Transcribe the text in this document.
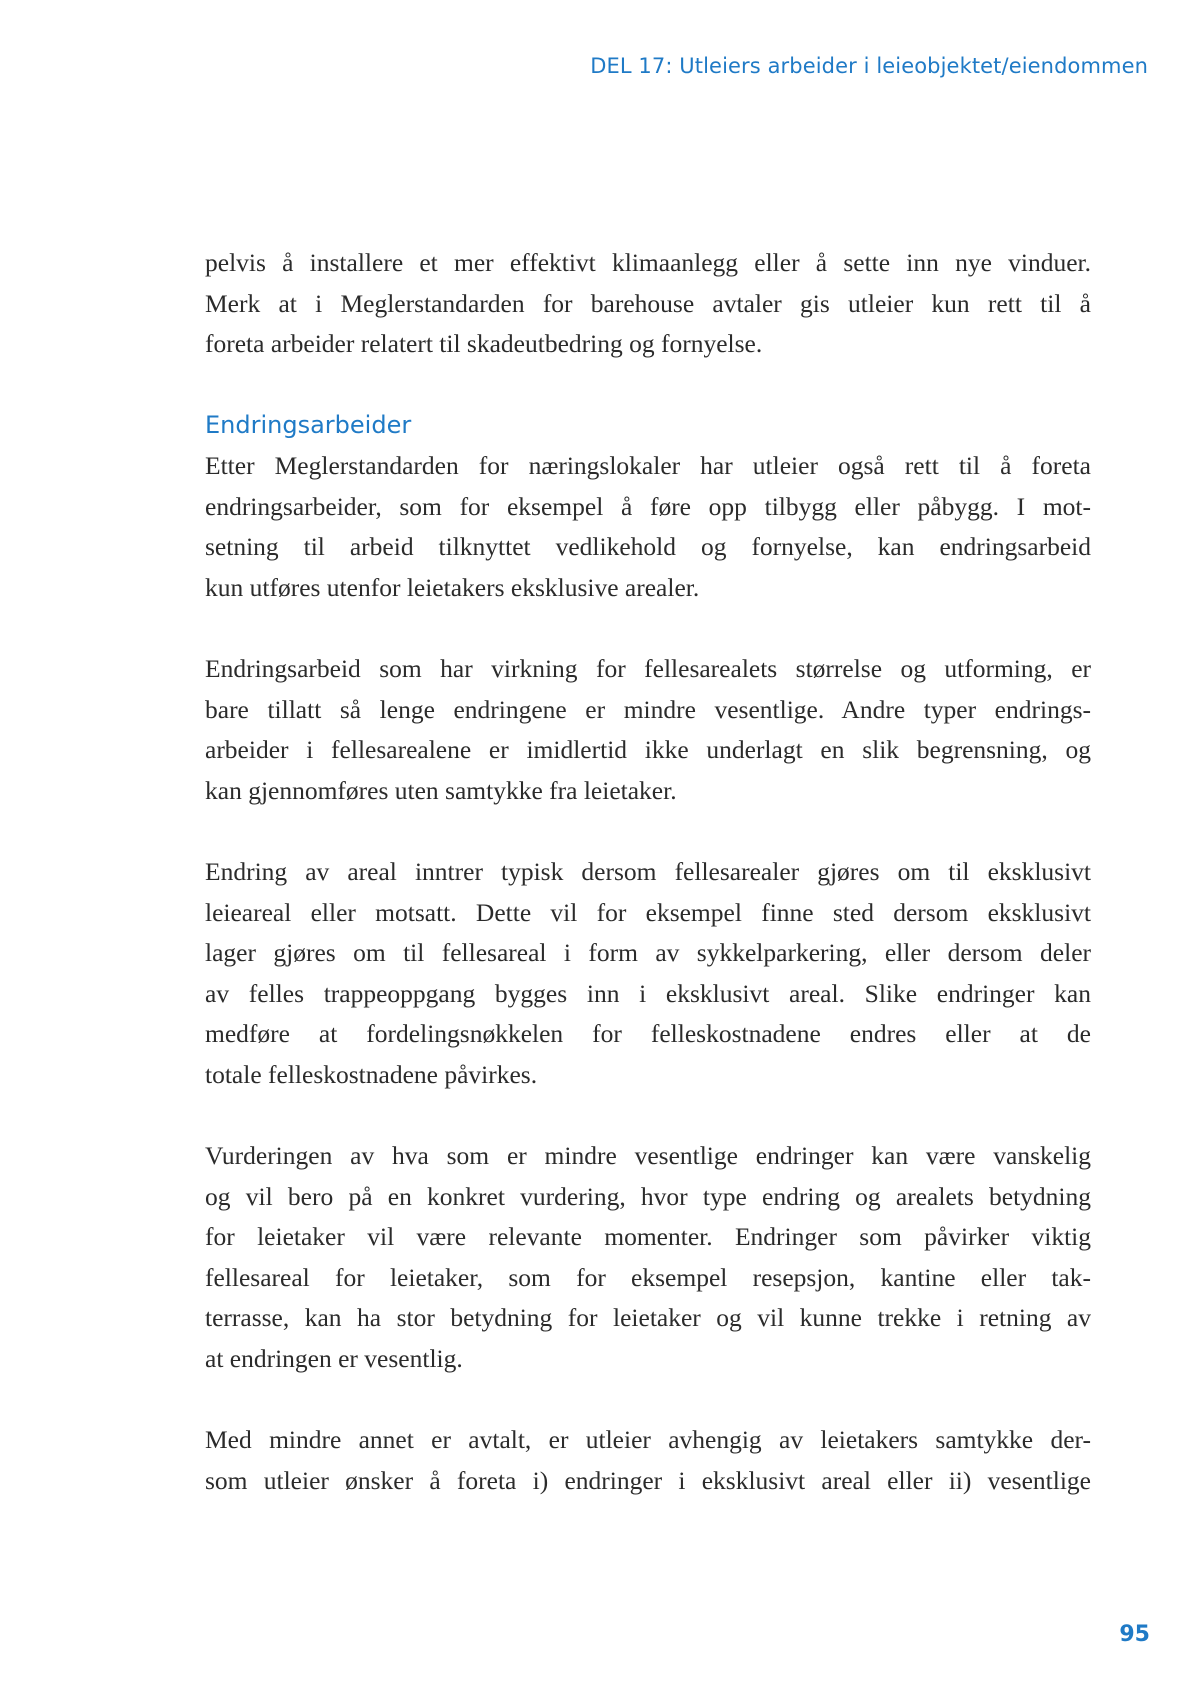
DEL 17: Utleiers arbeider i leieobjektet/eiendommen

pelvis å installere et mer effektivt klimaanlegg eller å sette inn nye vinduer.
Merk at i Meglerstandarden for barehouse avtaler gis utleier kun rett til å
foreta arbeider relatert til skadeutbedring og fornyelse.

Endringsarbeider

Etter Meglerstandarden for næringslokaler har utleier også rett til å foreta
endringsarbeider, som for eksempel å føre opp tilbygg eller påbygg. I mot-
setning til arbeid tilknyttet vedlikehold og fornyelse, kan endringsarbeid
kun utføres utenfor leietakers eksklusive arealer.

Endringsarbeid som har virkning for fellesarealets størrelse og utforming, er
bare tillatt så lenge endringene er mindre vesentlige. Andre typer endrings-
arbeider i fellesarealene er imidlertid ikke underlagt en slik begrensning, og
kan gjennomføres uten samtykke fra leietaker.

Endring av areal inntrer typisk dersom fellesarealer gjøres om til eksklusivt
leieareal eller motsatt. Dette vil for eksempel finne sted dersom eksklusivt
lager gjøres om til fellesareal i form av sykkelparkering, eller dersom deler
av felles trappeoppgang bygges inn i eksklusivt areal. Slike endringer kan
medføre at fordelingsnøkkelen for felleskostnadene endres eller at de
totale felleskostnadene påvirkes.

Vurderingen av hva som er mindre vesentlige endringer kan være vanskelig
og vil bero på en konkret vurdering, hvor type endring og arealets betydning
for leietaker vil være relevante momenter. Endringer som påvirker viktig
fellesareal for leietaker, som for eksempel resepsjon, kantine eller tak-
terrasse, kan ha stor betydning for leietaker og vil kunne trekke i retning av
at endringen er vesentlig.

Med mindre annet er avtalt, er utleier avhengig av leietakers samtykke der-
som utleier ønsker å foreta i) endringer i eksklusivt areal eller ii) vesentlige

95
